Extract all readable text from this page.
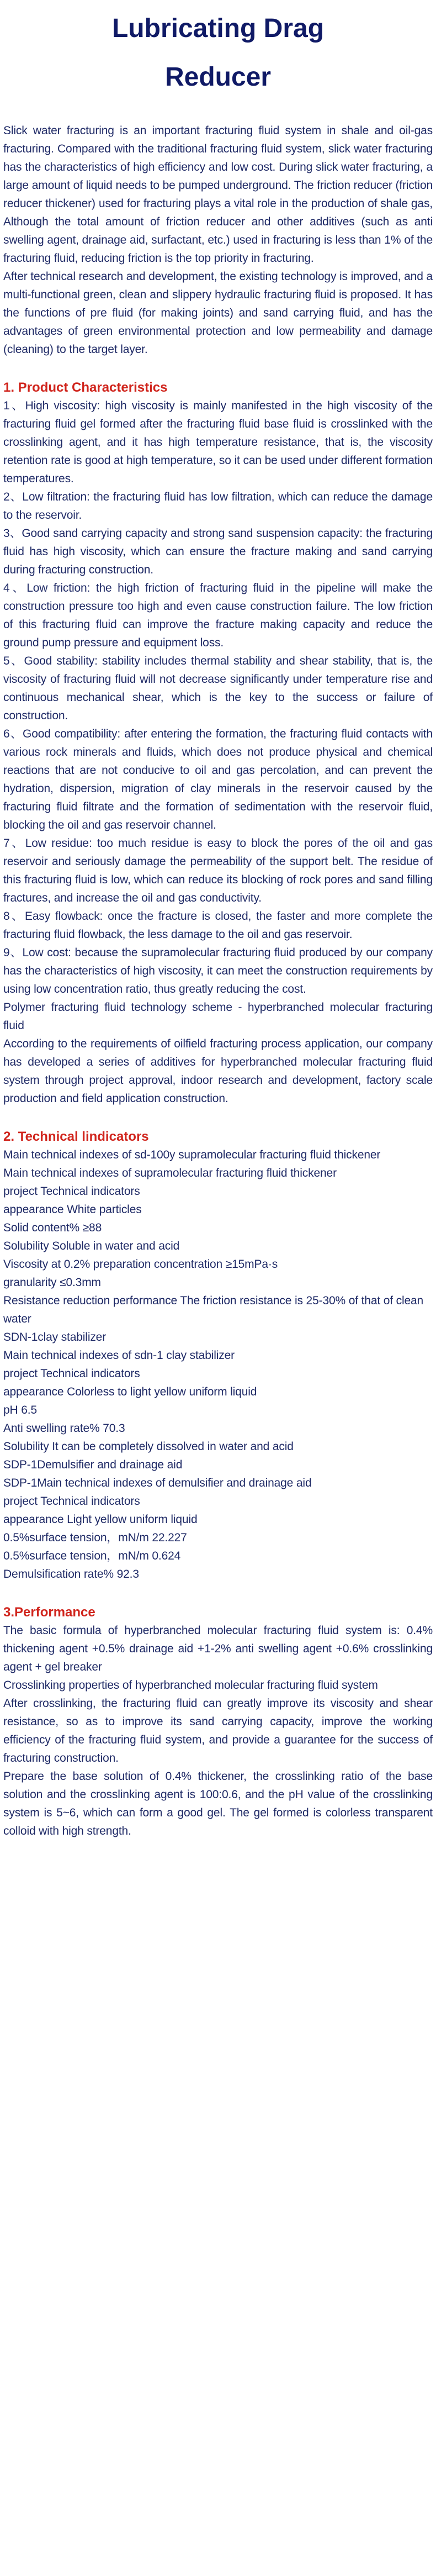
Lubricating Drag
Reducer

Slick water fracturing is an important fracturing fluid system in shale and oil-gas fracturing. Compared with the traditional fracturing fluid system, slick water fracturing has the characteristics of high efficiency and low cost. During slick water fracturing, a large amount of liquid needs to be pumped underground. The friction reducer (friction reducer thickener) used for fracturing plays a vital role in the production of shale gas, Although the total amount of friction reducer and other additives (such as anti swelling agent, drainage aid, surfactant, etc.) used in fracturing is less than 1% of the fracturing fluid, reducing friction is the top priority in fracturing.

After technical research and development, the existing technology is improved, and a multi-functional green, clean and slippery hydraulic fracturing fluid is proposed. It has the functions of pre fluid (for making joints) and sand carrying fluid, and has the advantages of green environmental protection and low permeability and damage (cleaning) to the target layer.

1. Product Characteristics

1、High viscosity: high viscosity is mainly manifested in the high viscosity of the fracturing fluid gel formed after the fracturing fluid base fluid is crosslinked with the crosslinking agent, and it has high temperature resistance, that is, the viscosity retention rate is good at high temperature, so it can be used under different formation temperatures.

2、Low filtration: the fracturing fluid has low filtration, which can reduce the damage to the reservoir.

3、Good sand carrying capacity and strong sand suspension capacity: the fracturing fluid has high viscosity, which can ensure the fracture making and sand carrying during fracturing construction.

4、Low friction: the high friction of fracturing fluid in the pipeline will make the construction pressure too high and even cause construction failure. The low friction of this fracturing fluid can improve the fracture making capacity and reduce the ground pump pressure and equipment loss.

5、Good stability: stability includes thermal stability and shear stability, that is, the viscosity of fracturing fluid will not decrease significantly under temperature rise and continuous mechanical shear, which is the key to the success or failure of construction.

6、Good compatibility: after entering the formation, the fracturing fluid contacts with various rock minerals and fluids, which does not produce physical and chemical reactions that are not conducive to oil and gas percolation, and can prevent the hydration, dispersion, migration of clay minerals in the reservoir caused by the fracturing fluid filtrate and the formation of sedimentation with the reservoir fluid, blocking the oil and gas reservoir channel.

7、Low residue: too much residue is easy to block the pores of the oil and gas reservoir and seriously damage the permeability of the support belt. The residue of this fracturing fluid is low, which can reduce its blocking of rock pores and sand filling fractures, and increase the oil and gas conductivity.

8、Easy flowback: once the fracture is closed, the faster and more complete the fracturing fluid flowback, the less damage to the oil and gas reservoir.

9、Low cost: because the supramolecular fracturing fluid produced by our company has the characteristics of high viscosity, it can meet the construction requirements by using low concentration ratio, thus greatly reducing the cost.

Polymer fracturing fluid technology scheme - hyperbranched molecular fracturing fluid

According to the requirements of oilfield fracturing process application, our company has developed a series of additives for hyperbranched molecular fracturing fluid system through project approval, indoor research and development, factory scale production and field application construction.

2. Technical lindicators

Main technical indexes of sd-100y supramolecular fracturing fluid thickener

Main technical indexes of supramolecular fracturing fluid thickener

project Technical indicators

appearance White particles

Solid content% ≥88

Solubility Soluble in water and acid

Viscosity at 0.2% preparation concentration ≥15mPa·s

granularity ≤0.3mm

Resistance reduction performance The friction resistance is 25-30% of that of clean water

SDN-1clay stabilizer

Main technical indexes of sdn-1 clay stabilizer

project Technical indicators

appearance Colorless to light yellow uniform liquid

pH 6.5

Anti swelling rate% 70.3

Solubility It can be completely dissolved in water and acid

SDP-1Demulsifier and drainage aid

SDP-1Main technical indexes of demulsifier and drainage aid

project Technical indicators

appearance Light yellow uniform liquid

0.5%surface tension，mN/m 22.227

0.5%surface tension，mN/m 0.624

Demulsification rate% 92.3

3.Performance

The basic formula of hyperbranched molecular fracturing fluid system is: 0.4% thickening agent +0.5% drainage aid +1-2% anti swelling agent +0.6% crosslinking agent + gel breaker

Crosslinking properties of hyperbranched molecular fracturing fluid system

After crosslinking, the fracturing fluid can greatly improve its viscosity and shear resistance, so as to improve its sand carrying capacity, improve the working efficiency of the fracturing fluid system, and provide a guarantee for the success of fracturing construction.

Prepare the base solution of 0.4% thickener, the crosslinking ratio of the base solution and the crosslinking agent is 100:0.6, and the pH value of the crosslinking system is 5~6, which can form a good gel. The gel formed is colorless transparent colloid with high strength.
